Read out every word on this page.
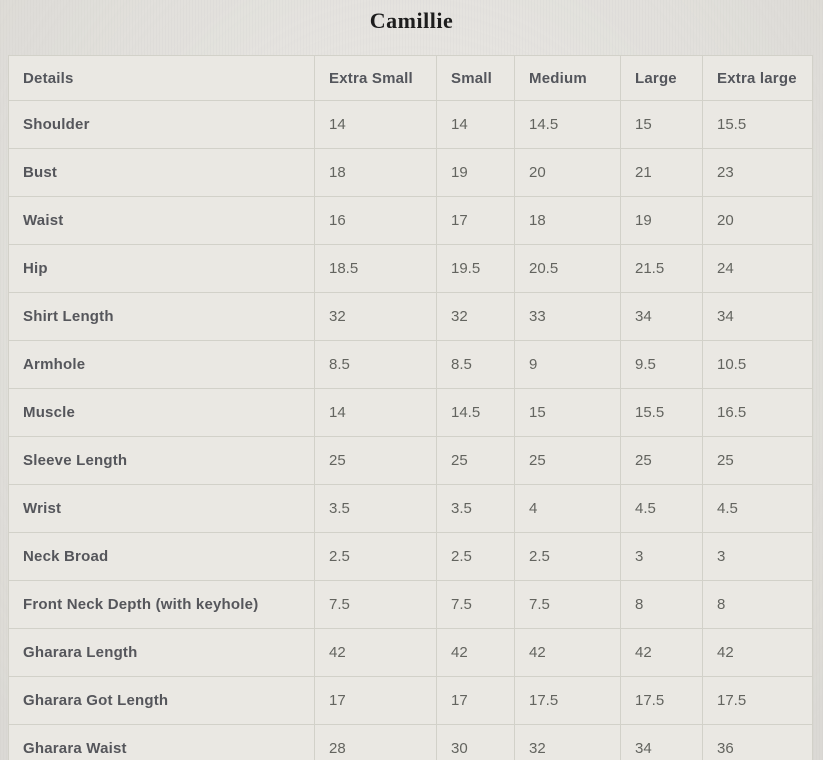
Camillie
Details	Extra Small	Small	Medium	Large	Extra large
Shoulder	14	14	14.5	15	15.5
Bust	18	19	20	21	23
Waist	16	17	18	19	20
Hip	18.5	19.5	20.5	21.5	24
Shirt Length	32	32	33	34	34
Armhole	8.5	8.5	9	9.5	10.5
Muscle	14	14.5	15	15.5	16.5
Sleeve Length	25	25	25	25	25
Wrist	3.5	3.5	4	4.5	4.5
Neck Broad	2.5	2.5	2.5	3	3
Front Neck Depth (with keyhole)	7.5	7.5	7.5	8	8
Gharara Length	42	42	42	42	42
Gharara Got Length	17	17	17.5	17.5	17.5
Gharara Waist	28	30	32	34	36
